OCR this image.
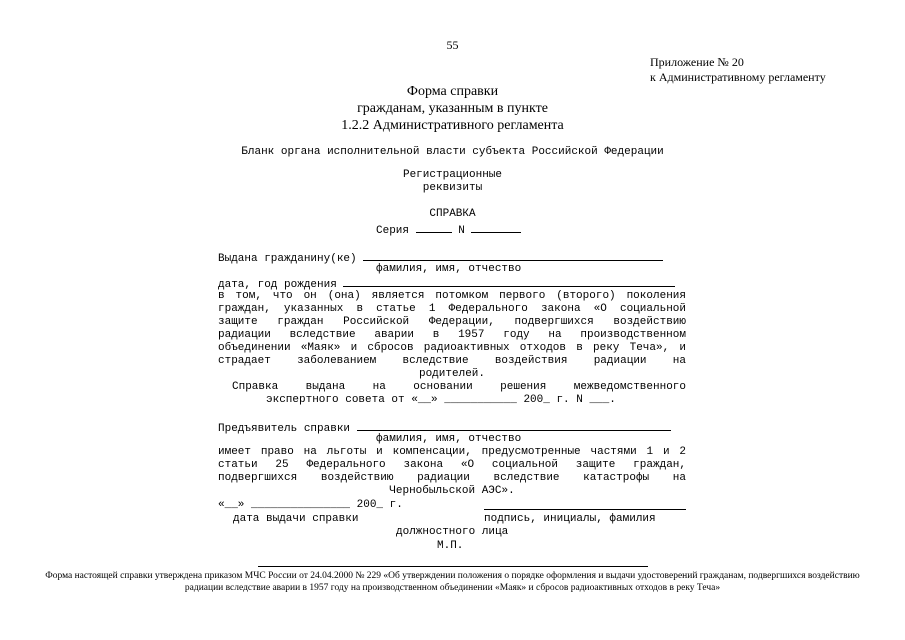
55
Приложение № 20
к Административному регламенту
Форма справки
гражданам, указанным в пункте
1.2.2 Административного регламента
Бланк органа исполнительной власти субъекта Российской Федерации
Регистрационные
реквизиты
СПРАВКА
Серия	N
Выдана гражданину(ке)
фамилия, имя, отчество
дата, год рождения

в том, что он (она) является потомком первого (второго) поколения

граждан, указанных в статье 1 Федерального закона «О социальной

защите граждан Российской Федерации, подвергшихся воздействию

радиации вследствие аварии в 1957 году на производственном

объединении «Маяк» и сбросов радиоактивных отходов в реку Теча», и

страдает заболеванием вследствие воздействия радиации на

родителей.

Справка выдана на основании решения межведомственного

экспертного совета от «__» ___________ 200_ г. N ___.

Предъявитель справки
фамилия, имя, отчество

имеет право на льготы и компенсации, предусмотренные частями 1 и 2

статьи 25 Федерального закона «О социальной защите граждан,

подвергшихся воздействию радиации вследствие катастрофы на

Чернобыльской АЭС».

«__» _______________ 200_ г.
дата выдачи справки	подпись, инициалы, фамилия
должностного лица
М.П.
Форма настоящей справки утверждена приказом МЧС России от 24.04.2000 № 229 «Об утверждении положения о порядке оформления и выдачи удостоверений гражданам, подвергшихся воздействию радиации вследствие аварии в 1957 году на производственном объединении «Маяк» и сбросов радиоактивных отходов в реку Теча»
